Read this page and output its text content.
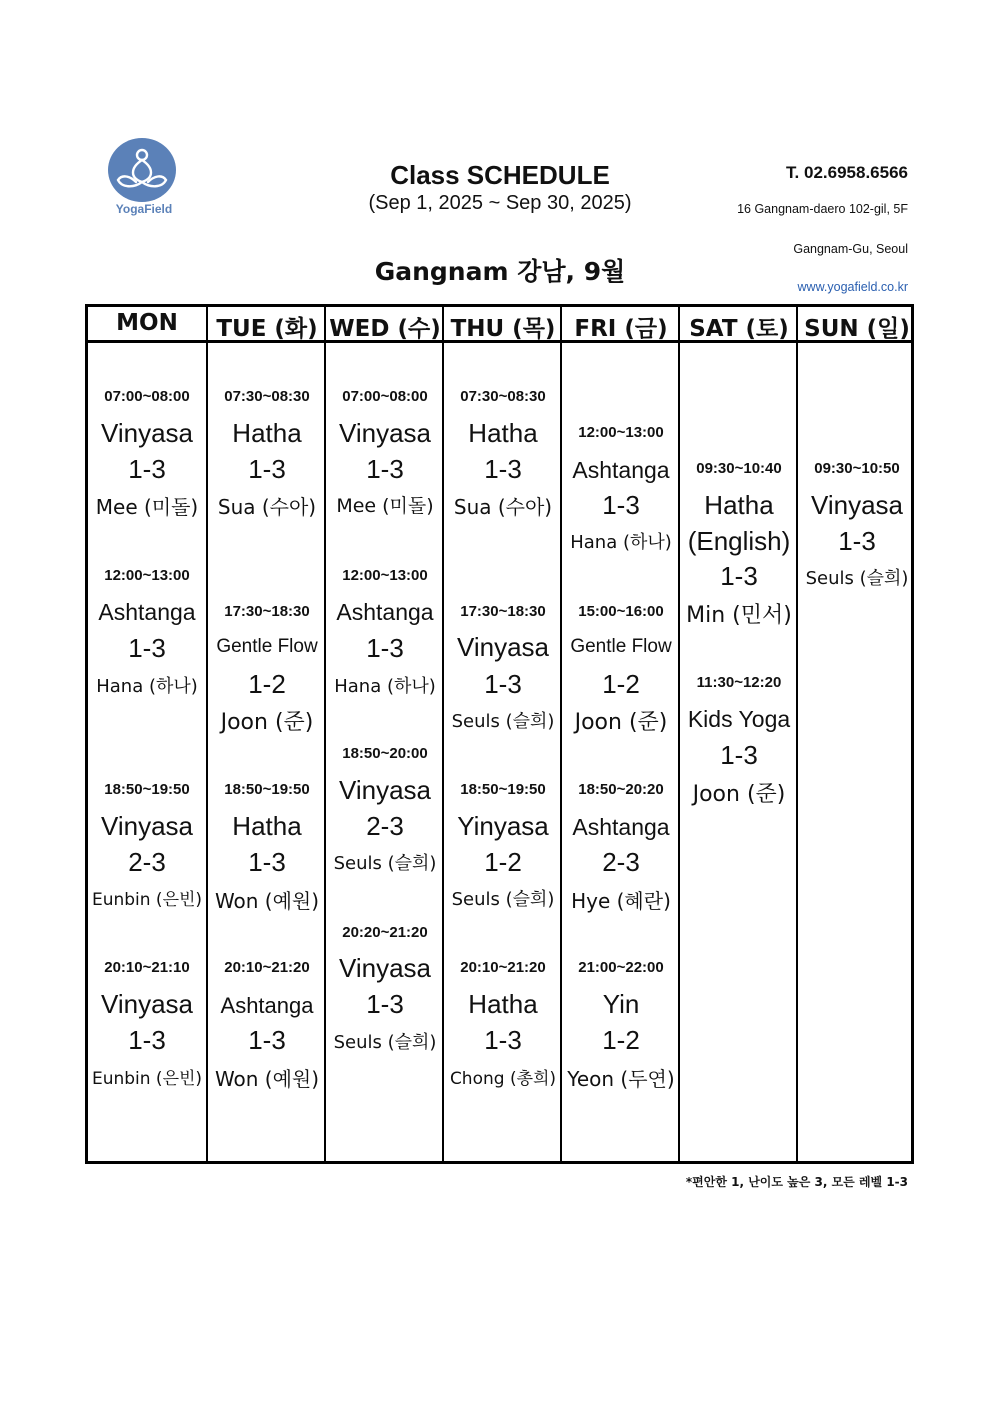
YogaField
Class SCHEDULE
(Sep 1, 2025 ~ Sep 30, 2025)
Gangnam 강남, 9월
T. 02.6958.6566
16 Gangnam-daero 102-gil, 5F
Gangnam-Gu, Seoul
www.yogafield.co.kr
MON
07:00~08:00
Vinyasa
1-3
Mee (미돌)
12:00~13:00
Ashtanga
1-3
Hana (하나)
18:50~19:50
Vinyasa
2-3
Eunbin (은빈)
20:10~21:10
Vinyasa
1-3
Eunbin (은빈)
TUE (화)
07:30~08:30
Hatha
1-3
Sua (수아)
17:30~18:30
Gentle Flow
1-2
Joon (준)
18:50~19:50
Hatha
1-3
Won (예원)
20:10~21:20
Ashtanga
1-3
Won (예원)
WED (수)
07:00~08:00
Vinyasa
1-3
Mee (미돌)
12:00~13:00
Ashtanga
1-3
Hana (하나)
18:50~20:00
Vinyasa
2-3
Seuls (슬희)
20:20~21:20
Vinyasa
1-3
Seuls (슬희)
THU (목)
07:30~08:30
Hatha
1-3
Sua (수아)
17:30~18:30
Vinyasa
1-3
Seuls (슬희)
18:50~19:50
Yinyasa
1-2
Seuls (슬희)
20:10~21:20
Hatha
1-3
Chong (총희)
FRI (금)
12:00~13:00
Ashtanga
1-3
Hana (하나)
15:00~16:00
Gentle Flow
1-2
Joon (준)
18:50~20:20
Ashtanga
2-3
Hye (혜란)
21:00~22:00
Yin
1-2
Yeon (두연)
SAT (토)
09:30~10:40
Hatha
(English)
1-3
Min (민서)
11:30~12:20
Kids Yoga
1-3
Joon (준)
SUN (일)
09:30~10:50
Vinyasa
1-3
Seuls (슬희)
*편안한 1, 난이도 높은 3, 모든 레벨 1-3
